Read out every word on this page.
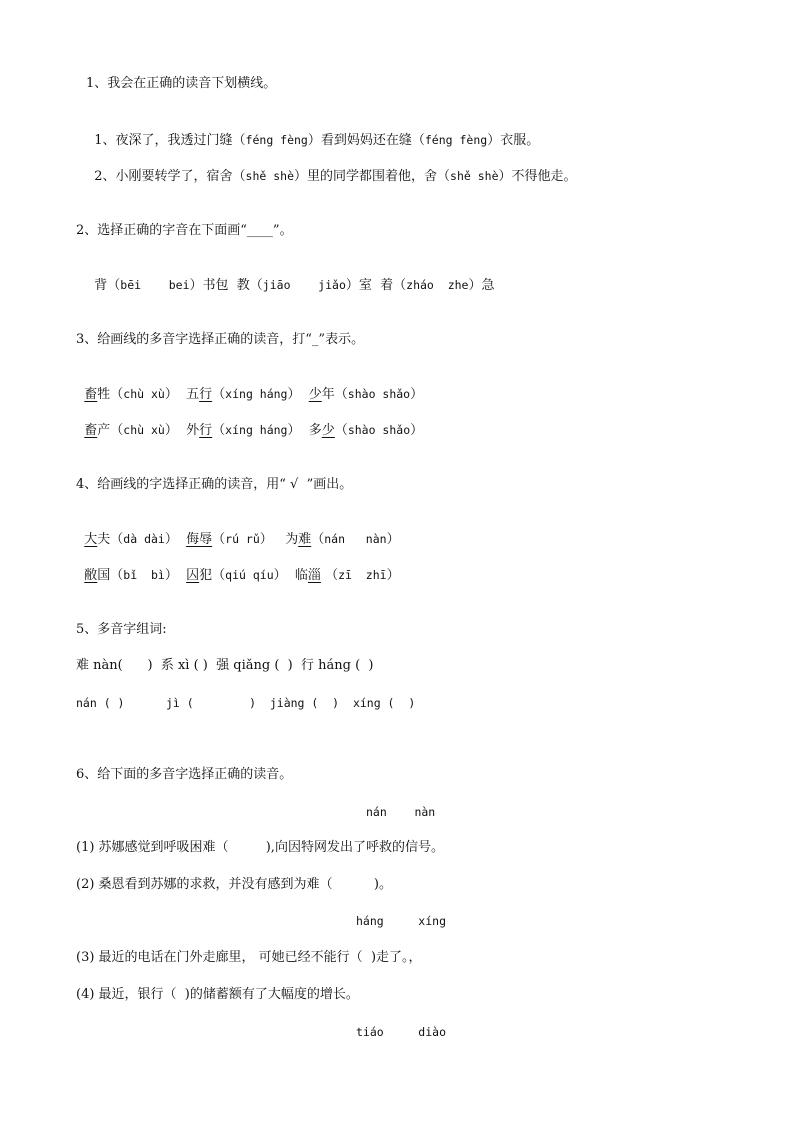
1、我会在正确的读音下划横线。

1、夜深了，我透过门缝（féng fèng）看到妈妈还在缝（féng fèng）衣服。

2、小刚要转学了，宿舍（shě shè）里的同学都围着他，舍（shě shè）不得他走。

2、选择正确的字音在下面画“____”。

背（bēi    bei）书包  教（jiāo    jiǎo）室  着（zháo  zhe）急

3、给画线的多音字选择正确的读音，打“_”表示。

畜牲（chù xù） 五行（xíng háng） 少年（shào shǎo）

畜产（chù xù） 外行（xíng háng） 多少（shào shǎo）

4、给画线的字选择正确的读音，用“ √  ”画出。

大夫（dà dài） 侮辱（rú rǔ） 为难（nán   nàn）

敝国（bǐ  bì） 囚犯（qiú qíu） 临淄 （zī  zhī）

5、多音字组词:
难 nàn(      )  系 xì ( )  强 qiǎng (  )  行 háng (  )
nán ( )      jì (        )  jiàng (  )  xíng (  )
6、给下面的多音字选择正确的读音。
nán    nàn
(1) 苏娜感觉到呼吸困难（         ),向因特网发出了呼救的信号。
(2) 桑恩看到苏娜的求救，并没有感到为难（          )。
háng     xíng
(3) 最近的电话在门外走廊里， 可她已经不能行（  )走了。，
(4) 最近，银行（  )的储蓄额有了大幅度的增长。
tiáo     diào
